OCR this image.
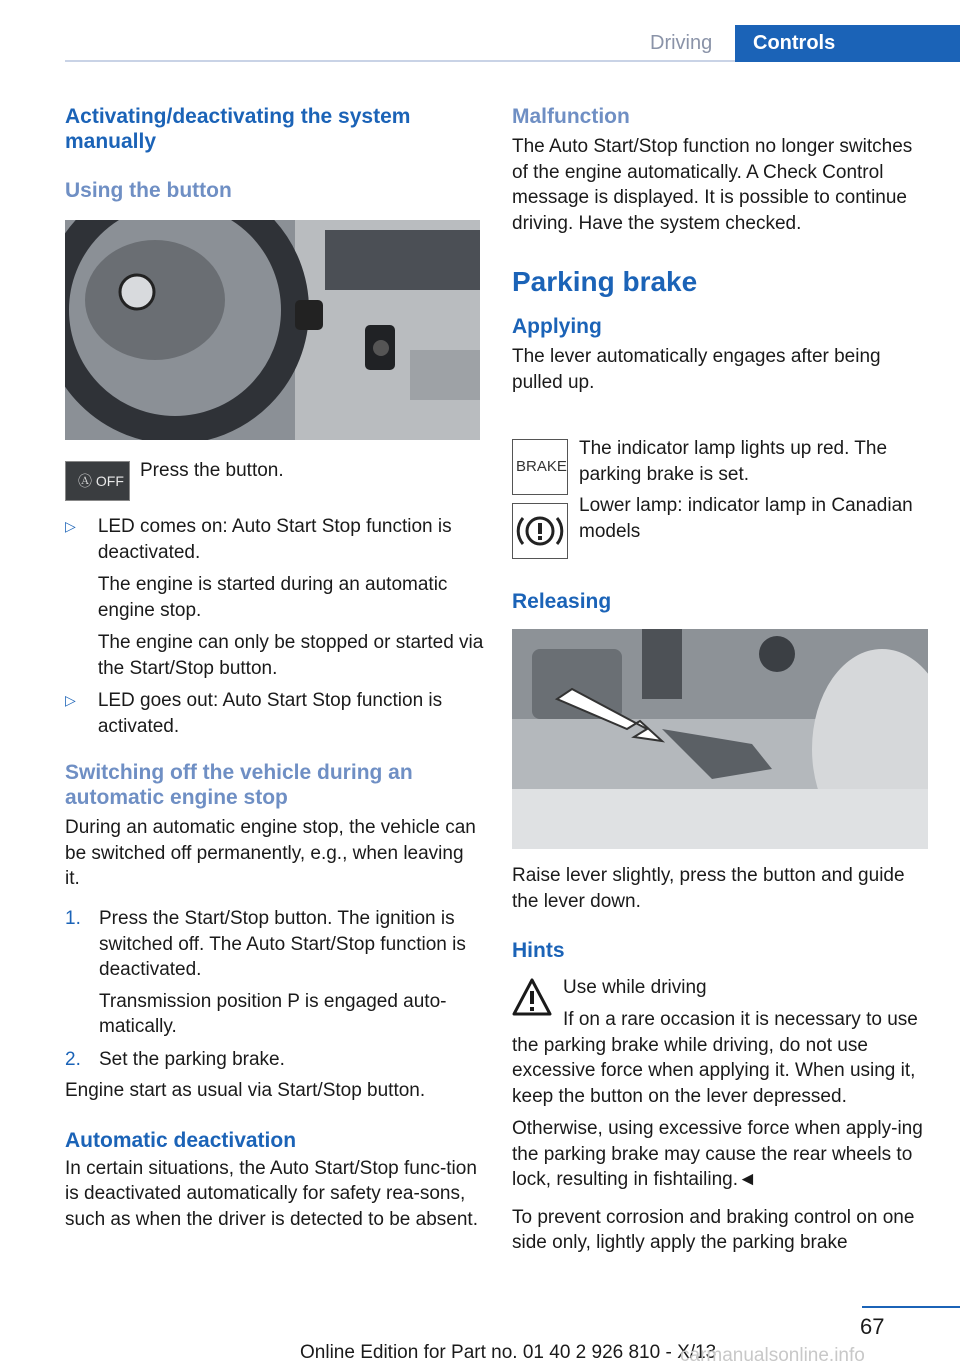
Driving Controls

Activating/deactivating the system manually

Using the button

Ⓐ OFF Press the button.

▷	LED comes on: Auto Start Stop function is deactivated.

The engine is started during an automatic engine stop.

The engine can only be stopped or started via the Start/Stop button.

▷	LED goes out: Auto Start Stop function is activated.

Switching off the vehicle during an automatic engine stop

During an automatic engine stop, the vehicle can be switched off permanently, e.g., when leaving it.

1. Press the Start/Stop button. The ignition is switched off. The Auto Start/Stop function is deactivated.

Transmission position P is engaged auto‐matically.

2. Set the parking brake.

Engine start as usual via Start/Stop button.

Automatic deactivation

In certain situations, the Auto Start/Stop func‐tion is deactivated automatically for safety rea‐sons, such as when the driver is detected to be absent.

Malfunction

The Auto Start/Stop function no longer switches of the engine automatically. A Check Control message is displayed. It is possible to continue driving. Have the system checked.

Parking brake

Applying

The lever automatically engages after being pulled up.

BRAKE

The indicator lamp lights up red. The parking brake is set.

Lower lamp: indicator lamp in Canadian models

Releasing

Raise lever slightly, press the button and guide the lever down.

Hints

Use while driving

If on a rare occasion it is necessary to use the parking brake while driving, do not use excessive force when applying it. When using it, keep the button on the lever depressed.

Otherwise, using excessive force when apply‐ing the parking brake may cause the rear wheels to lock, resulting in fishtailing.◄

To prevent corrosion and braking control on one side only, lightly apply the parking brake

67
Online Edition for Part no. 01 40 2 926 810 - X/13
carmanualsonline.info
